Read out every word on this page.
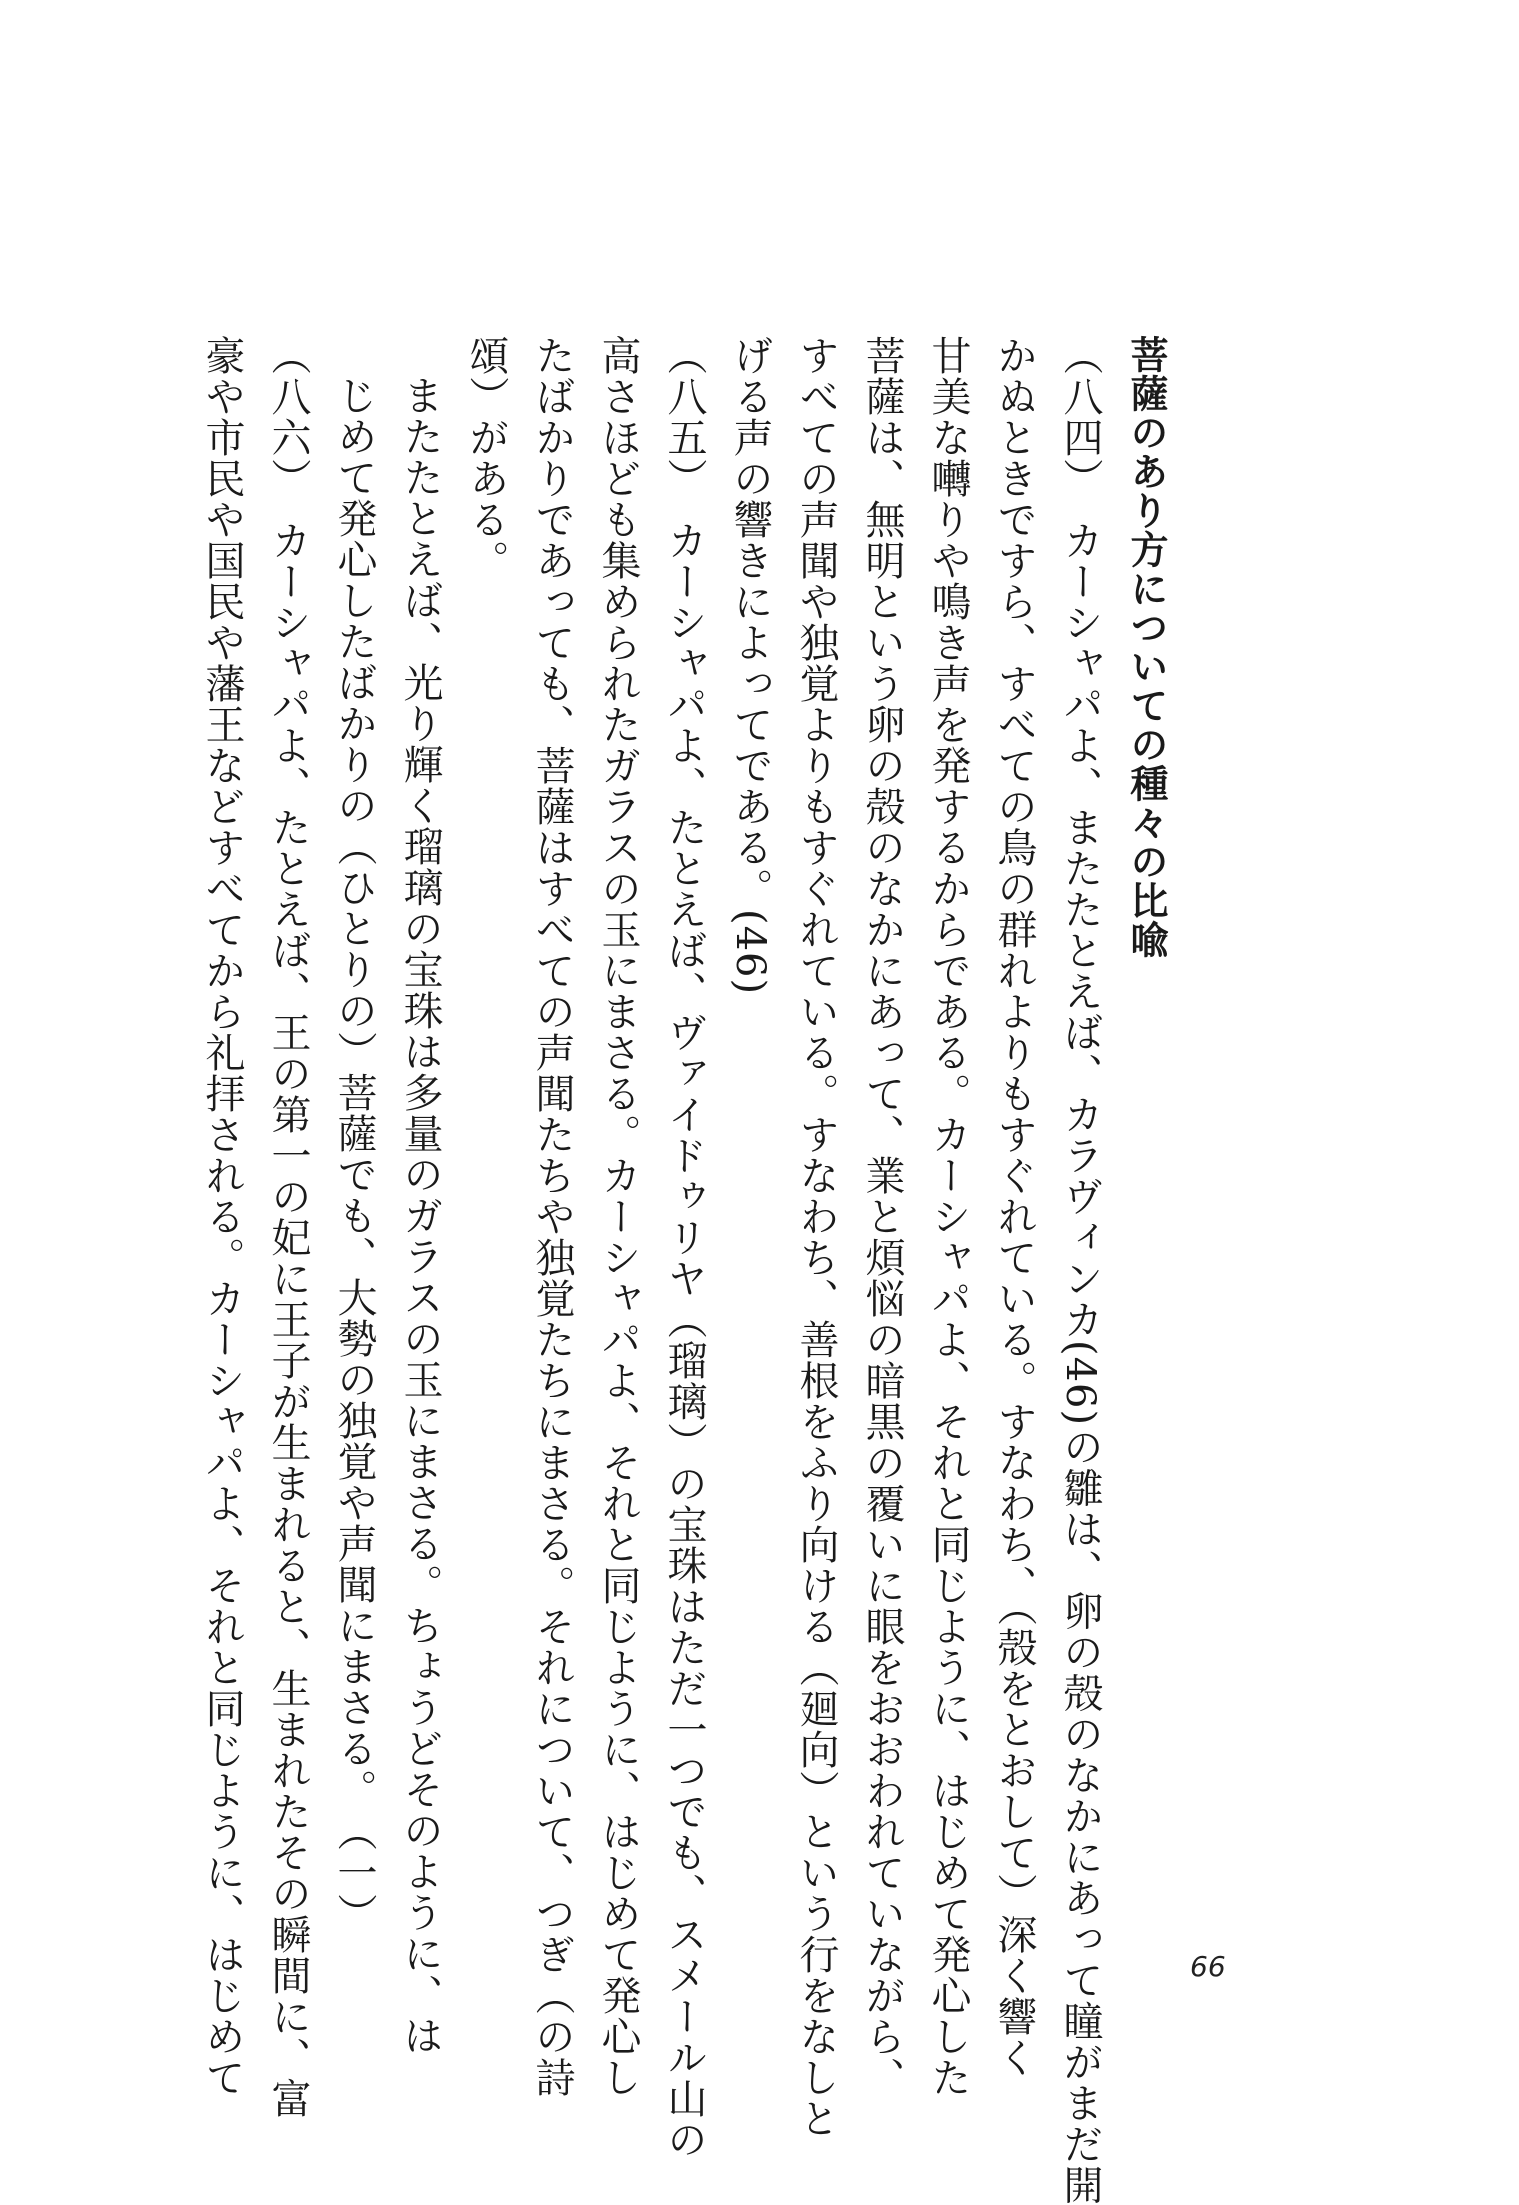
菩薩のあり方についての種々の比喩
（八四）　カーシャパよ、またたとえば、カラヴィンカ(46)の雛は、卵の殻のなかにあって瞳がまだ開
かぬときですら、すべての鳥の群れよりもすぐれている。すなわち、（殻をとおして）深く響く
甘美な囀りや鳴き声を発するからである。カーシャパよ、それと同じように、はじめて発心した
菩薩は、無明という卵の殻のなかにあって、業と煩悩の暗黒の覆いに眼をおおわれていながら、
すべての声聞や独覚よりもすぐれている。すなわち、善根をふり向ける（廻向）という行をなしと
げる声の響きによってである。(46)
（八五）　カーシャパよ、たとえば、ヴァイドゥリヤ（瑠璃）の宝珠はただ一つでも、スメール山の
高さほども集められたガラスの玉にまさる。カーシャパよ、それと同じように、はじめて発心し
たばかりであっても、菩薩はすべての声聞たちや独覚たちにまさる。それについて、つぎ（の詩
頌）がある。
またたとえば、光り輝く瑠璃の宝珠は多量のガラスの玉にまさる。ちょうどそのように、は
じめて発心したばかりの（ひとりの）菩薩でも、大勢の独覚や声聞にまさる。　（一）
（八六）　カーシャパよ、たとえば、王の第一の妃に王子が生まれると、生まれたその瞬間に、富
豪や市民や国民や藩王などすべてから礼拝される。カーシャパよ、それと同じように、はじめて	66
